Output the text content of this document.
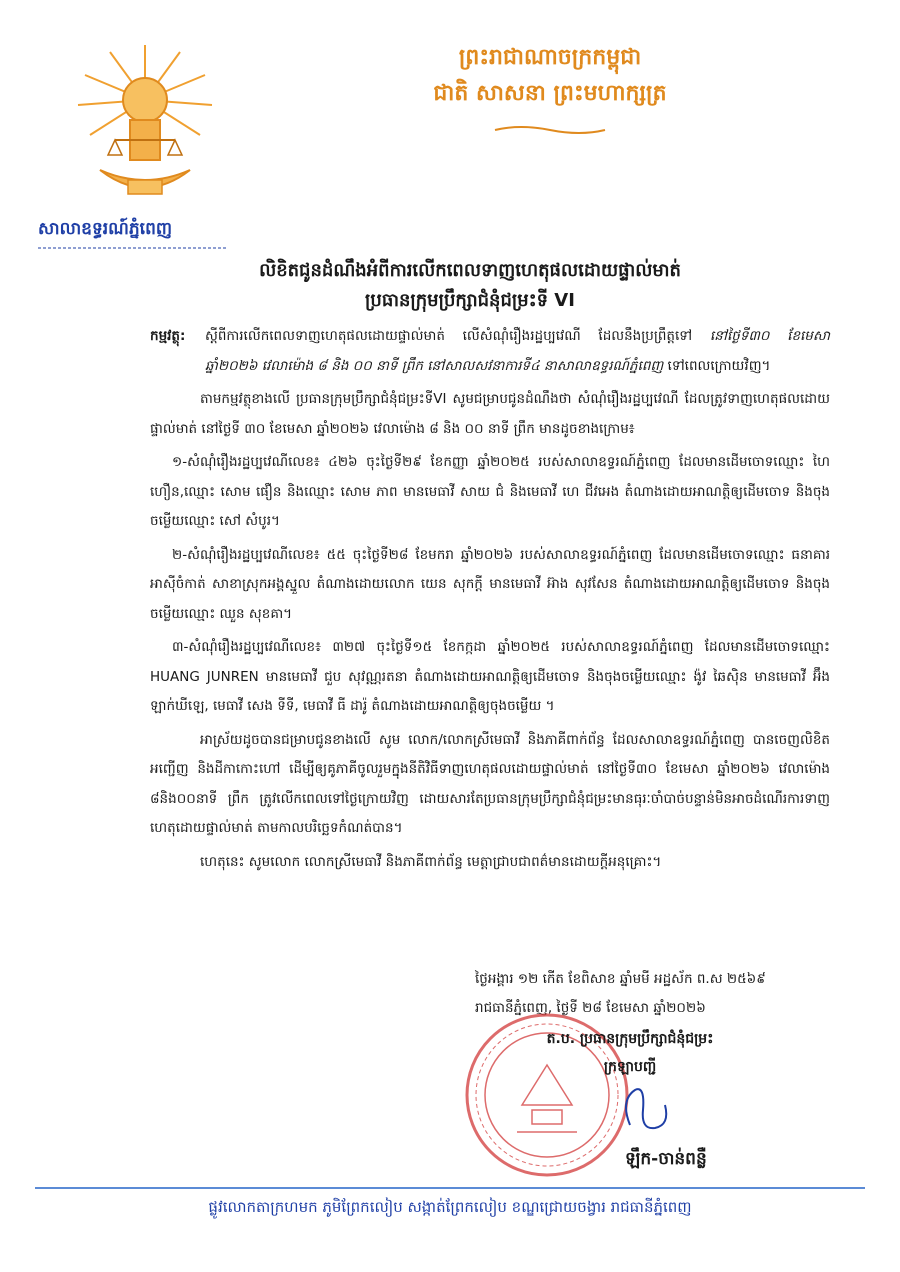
សាលាឧទ្ធរណ៍ភ្នំពេញ
ព្រះរាជាណាចក្រកម្ពុជា
ជាតិ សាសនា ព្រះមហាក្សត្រ
លិខិតជូនដំណឹងអំពីការលើកពេលទាញហេតុផលដោយផ្ទាល់មាត់
ប្រធានក្រុមប្រឹក្សាជំនុំជម្រះទី VI
កម្មវត្ថុ:	ស្តីពីការលើកពេលទាញហេតុផលដោយផ្ទាល់មាត់ លើសំណុំរឿងរដ្ឋប្បវេណី ដែលនឹងប្រព្រឹត្តទៅ នៅថ្ងៃទី៣០ ខែមេសា ឆ្នាំ២០២៦ វេលាម៉ោង ៨ និង ០០ នាទី ព្រឹក នៅសាលសវនាការទី៤ នាសាលាឧទ្ធរណ៍ភ្នំពេញ ទៅពេលក្រោយវិញ។

តាមកម្មវត្ថុខាងលើ ប្រធានក្រុមប្រឹក្សាជំនុំជម្រះទីVI សូមជម្រាបជូនដំណឹងថា សំណុំរឿងរដ្ឋប្បវេណី ដែលត្រូវទាញហេតុផលដោយផ្ទាល់មាត់ នៅថ្ងៃទី ៣០ ខែមេសា ឆ្នាំ២០២៦ វេលាម៉ោង ៨ និង ០០ នាទី ព្រឹក មានដូចខាងក្រោម៖

១-សំណុំរឿងរដ្ឋប្បវេណីលេខ៖ ៤២៦ ចុះថ្ងៃទី២៩ ខែកញ្ញា ឆ្នាំ២០២៥ របស់សាលាឧទ្ធរណ៍ភ្នំពេញ ដែលមានដើមចោទឈ្មោះ ហៃ ហឿន,ឈ្មោះ សោម ផឿន និងឈ្មោះ សោម ភាព មានមេធាវី សាយ ជំ និងមេធាវី ហេ ជីវអេង តំណាងដោយអាណត្តិឲ្យដើមចោទ និងចុងចម្លើយឈ្មោះ សៅ សំបូរ។

២-សំណុំរឿងរដ្ឋប្បវេណីលេខ៖ ៥៥ ចុះថ្ងៃទី២៨ ខែមករា ឆ្នាំ២០២៦ របស់សាលាឧទ្ធរណ៍ភ្នំពេញ ដែលមានដើមចោទឈ្មោះ ធនាគារ អាស៊ីចំកាត់ សាខាស្រុកអង្គស្នួល តំណាងដោយលោក យេន សុកក្តី មានមេធាវី អ៊ាង សុវសែន តំណាងដោយអាណត្តិឲ្យដើមចោទ និងចុងចម្លើយឈ្មោះ ឈួន សុខគា។

៣-សំណុំរឿងរដ្ឋប្បវេណីលេខ៖ ៣២៧ ចុះថ្ងៃទី១៥ ខែកក្កដា ឆ្នាំ២០២៥ របស់សាលាឧទ្ធរណ៍ភ្នំពេញ ដែលមានដើមចោទឈ្មោះ HUANG JUNREN មានមេធាវី ជួប សុវណ្ណរតនា តំណាងដោយអាណត្តិឲ្យដើមចោទ និងចុងចម្លើយឈ្មោះ ង៉ូវ ឆៃស៊ិន មានមេធាវី អ៊ឹង ឡាក់ឃីឡេ, មេធាវី សេង ទីទី, មេធាវី ធី ដារ៉ូ តំណាងដោយអាណត្តិឲ្យចុងចម្លើយ ។

អាស្រ័យដូចបានជម្រាបជូនខាងលើ សូម លោក/លោកស្រីមេធាវី និងភាគីពាក់ព័ន្ធ ដែលសាលាឧទ្ធរណ៍ភ្នំពេញ បានចេញលិខិតអញ្ជើញ និងដីកាកោះហៅ ដើម្បីឲ្យគូភាគីចូលរួមក្នុងនីតិវិធីទាញហេតុផលដោយផ្ទាល់មាត់ នៅថ្ងៃទី៣០ ខែមេសា ឆ្នាំ២០២៦ វេលាម៉ោង ៨និង០០នាទី ព្រឹក ត្រូវលើកពេលទៅថ្ងៃក្រោយវិញ ដោយសារតែប្រធានក្រុមប្រឹក្សាជំនុំជម្រះមានធុរៈចាំបាច់បន្ទាន់មិនអាចដំណើរការទាញហេតុដោយផ្ទាល់មាត់ តាមកាលបរិច្ឆេទកំណត់បាន។

ហេតុនេះ សូមលោក លោកស្រីមេធាវី និងភាគីពាក់ព័ន្ធ មេត្តាជ្រាបជាពត៌មានដោយក្តីអនុគ្រោះ។

ថ្ងៃអង្គារ ១២ កើត ខែពិសាខ ឆ្នាំមមី អដ្ឋស័ក ព.ស ២៥៦៩
រាជធានីភ្នំពេញ, ថ្ងៃទី ២៨ ខែមេសា ឆ្នាំ២០២៦
ត.ប. ប្រធានក្រុមប្រឹក្សាជំនុំជម្រះ
ក្រឡាបញ្ជី
ឡឹក-ចាន់ពន្លឺ
ផ្លូវលោកតាក្រហមក ភូមិព្រែកលៀប សង្កាត់ព្រែកលៀប ខណ្ឌជ្រោយចង្វារ រាជធានីភ្នំពេញ
